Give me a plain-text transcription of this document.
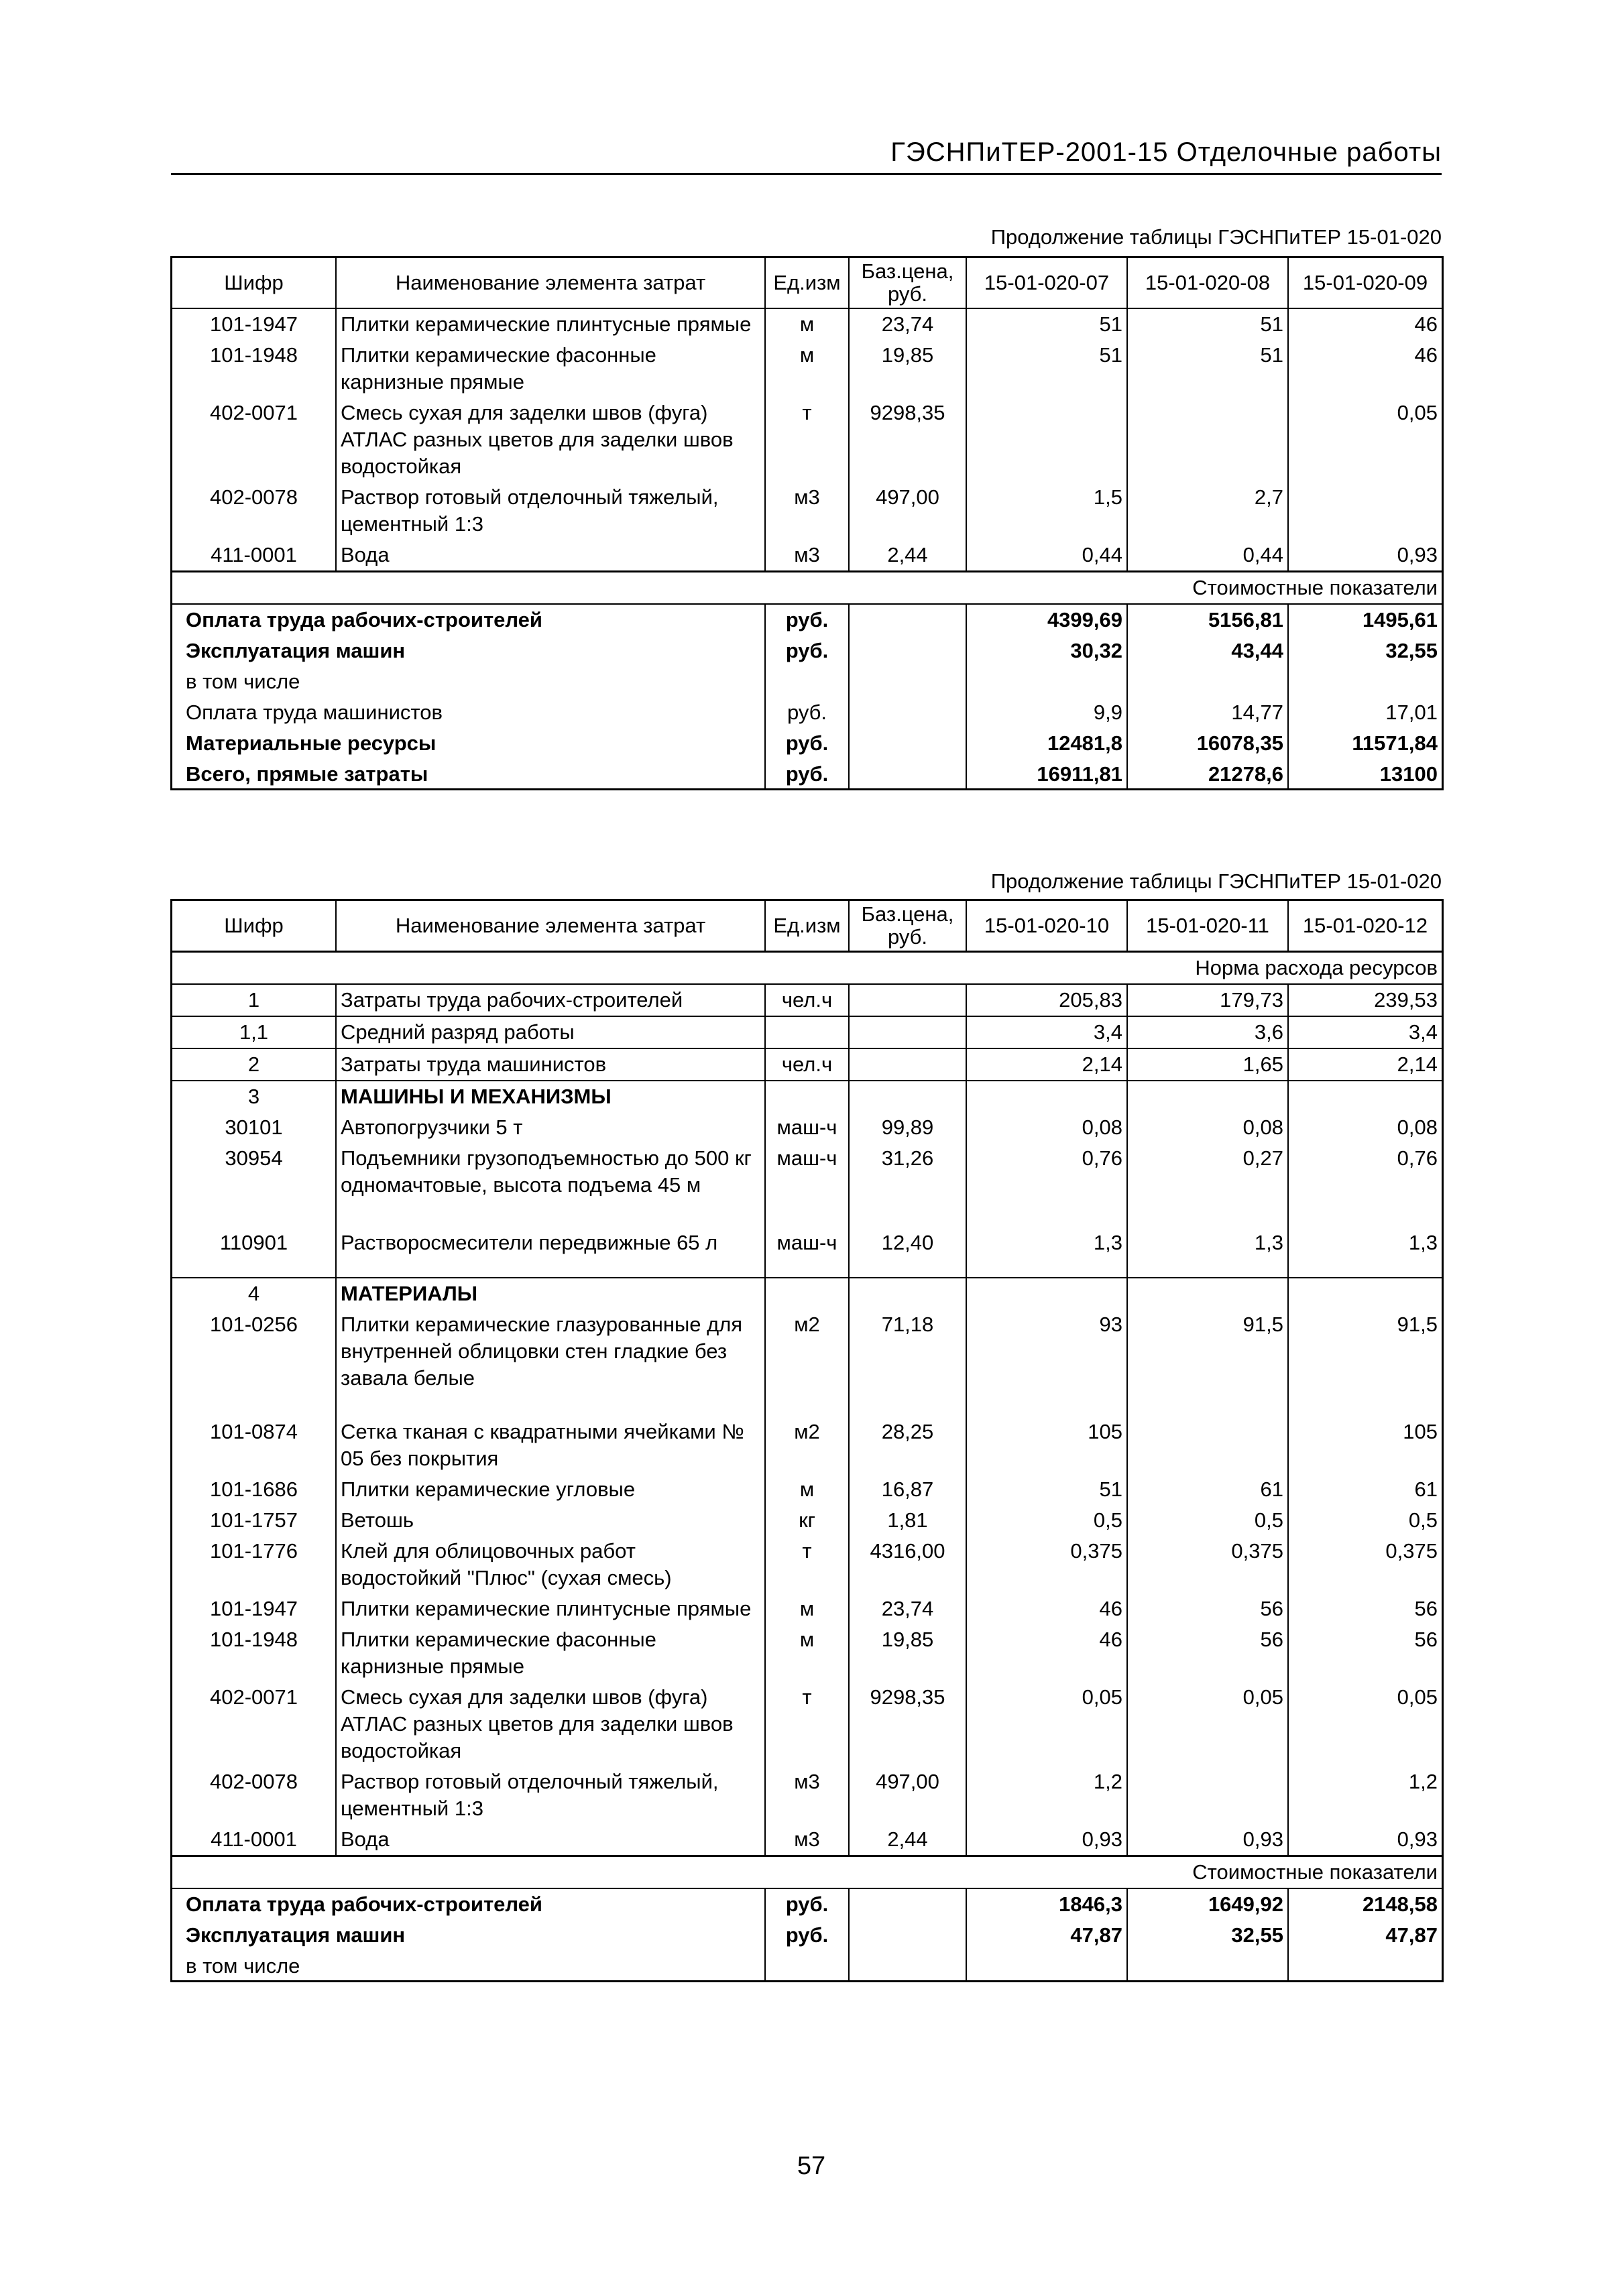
ГЭСНПиТЕР-2001-15 Отделочные работы
Продолжение таблицы ГЭСНПиТЕР 15-01-020
Шифр	Наименование элемента затрат	Ед.изм	Баз.цена, руб.	15-01-020-07	15-01-020-08	15-01-020-09
101-1947	Плитки керамические плинтусные прямые	м	23,74	51	51	46
101-1948	Плитки керамические фасонные карнизные прямые	м	19,85	51	51	46
402-0071	Смесь сухая для заделки швов (фуга) АТЛАС разных цветов для заделки швов водостойкая	т	9298,35			0,05
402-0078	Раствор готовый отделочный тяжелый, цементный 1:3	м3	497,00	1,5	2,7	
411-0001	Вода	м3	2,44	0,44	0,44	0,93
Стоимостные показатели						
Оплата труда рабочих-строителей		руб.		4399,69	5156,81	1495,61
Эксплуатация машин		руб.		30,32	43,44	32,55
в том числе						
Оплата труда машинистов		руб.		9,9	14,77	17,01
Материальные ресурсы		руб.		12481,8	16078,35	11571,84
Всего, прямые затраты		руб.		16911,81	21278,6	13100
Продолжение таблицы ГЭСНПиТЕР 15-01-020
Шифр	Наименование элемента затрат	Ед.изм	Баз.цена, руб.	15-01-020-10	15-01-020-11	15-01-020-12
Норма расхода ресурсов						
1	Затраты труда рабочих-строителей	чел.ч		205,83	179,73	239,53
1,1	Средний разряд работы			3,4	3,6	3,4
2	Затраты труда машинистов	чел.ч		2,14	1,65	2,14
3	МАШИНЫ И МЕХАНИЗМЫ					
30101	Автопогрузчики 5 т	маш-ч	99,89	0,08	0,08	0,08
30954	Подъемники грузоподъемностью до 500 кг одномачтовые, высота подъема 45 м	маш-ч	31,26	0,76	0,27	0,76
110901	Растворосмесители передвижные 65 л	маш-ч	12,40	1,3	1,3	1,3
4	МАТЕРИАЛЫ					
101-0256	Плитки керамические глазурованные для внутренней облицовки стен гладкие без завала белые	м2	71,18	93	91,5	91,5
101-0874	Сетка тканая с квадратными ячейками № 05 без покрытия	м2	28,25	105		105
101-1686	Плитки керамические угловые	м	16,87	51	61	61
101-1757	Ветошь	кг	1,81	0,5	0,5	0,5
101-1776	Клей для облицовочных работ водостойкий "Плюс" (сухая смесь)	т	4316,00	0,375	0,375	0,375
101-1947	Плитки керамические плинтусные прямые	м	23,74	46	56	56
101-1948	Плитки керамические фасонные карнизные прямые	м	19,85	46	56	56
402-0071	Смесь сухая для заделки швов (фуга) АТЛАС разных цветов для заделки швов водостойкая	т	9298,35	0,05	0,05	0,05
402-0078	Раствор готовый отделочный тяжелый, цементный 1:3	м3	497,00	1,2		1,2
411-0001	Вода	м3	2,44	0,93	0,93	0,93
Стоимостные показатели						
Оплата труда рабочих-строителей		руб.		1846,3	1649,92	2148,58
Эксплуатация машин		руб.		47,87	32,55	47,87
в том числе						
57
